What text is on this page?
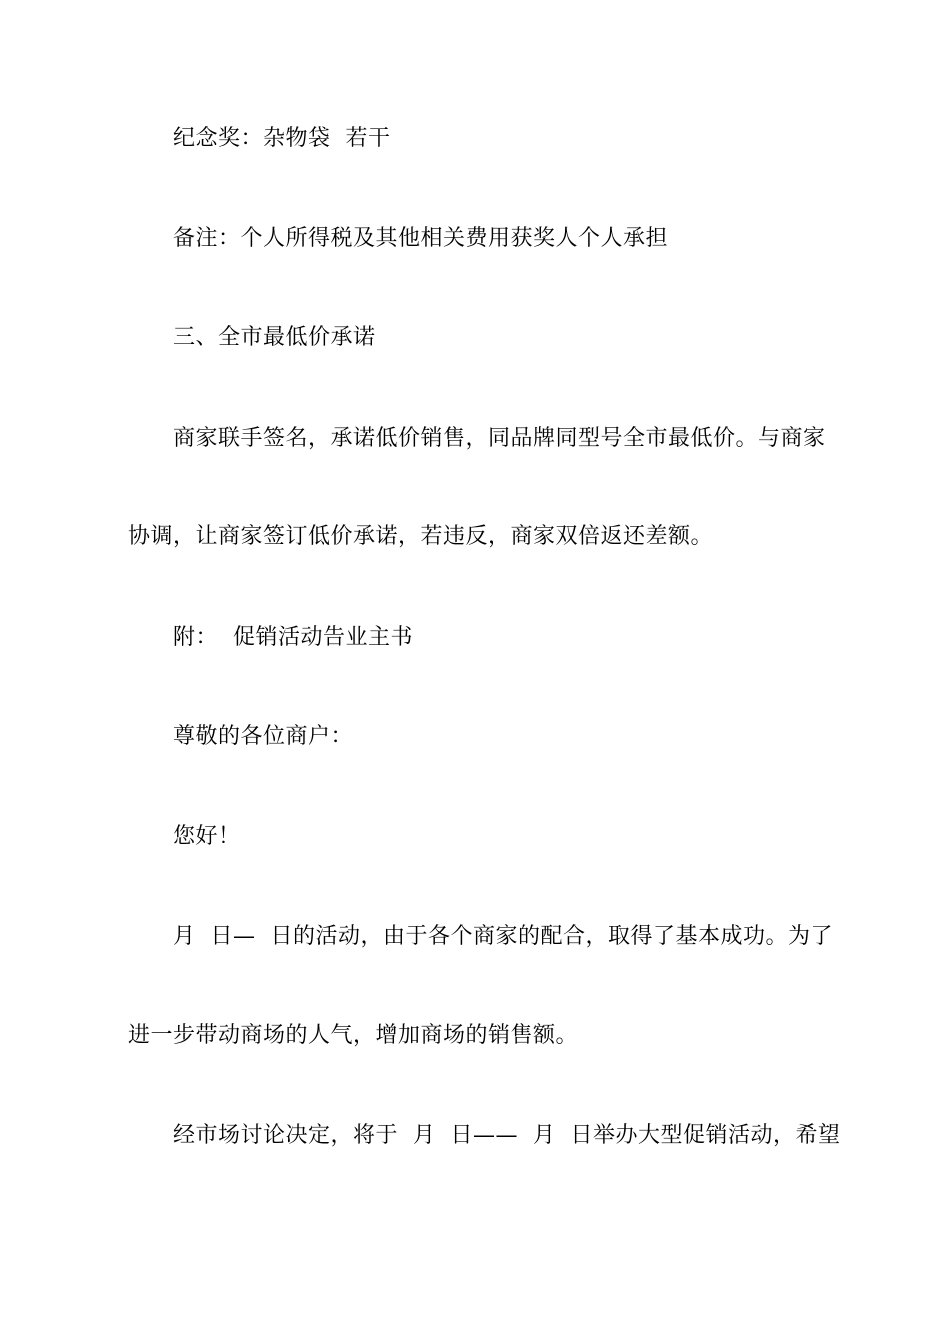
纪念奖：杂物袋  若干
备注：个人所得税及其他相关费用获奖人个人承担
三、全市最低价承诺
商家联手签名，承诺低价销售，同品牌同型号全市最低价。与商家
协调，让商家签订低价承诺，若违反，商家双倍返还差额。
附：  促销活动告业主书
尊敬的各位商户：
您好！
月  日—  日的活动，由于各个商家的配合，取得了基本成功。为了
进一步带动商场的人气，增加商场的销售额。
经市场讨论决定，将于  月  日——  月  日举办大型促销活动，希望
